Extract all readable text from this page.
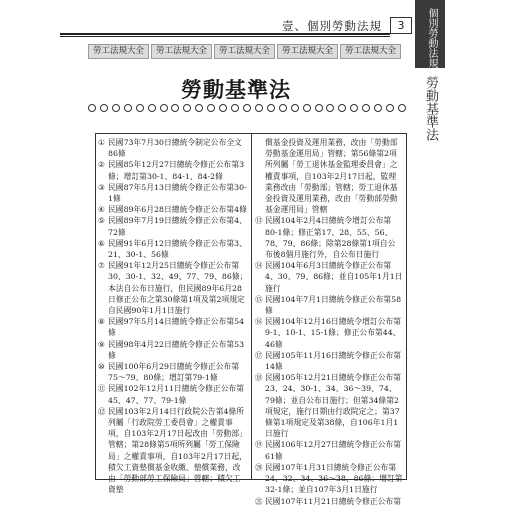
壹、個別勞動法規	3	個別勞動法規
勞動基準法
勞工法規大全	勞工法規大全	勞工法規大全	勞工法規大全	勞工法規大全
勞動基準法
① 民國73年7月30日總統令制定公布全文86條
② 民國85年12月27日總統令修正公布第3條；增訂第30-1、84-1、84-2條
③ 民國87年5月13日總統令修正公布第30-1條
④ 民國89年6月28日總統令修正公布第4條
⑤ 民國89年7月19日總統令修正公布第4、72條
⑥ 民國91年6月12日總統令修正公布第3、21、30-1、56條
⑦ 民國91年12月25日總統令修正公布第30、30-1、32、49、77、79、86條；本法自公布日施行，但民國89年6月28日修正公布之第30條第1項及第2項規定自民國90年1月1日施行
⑧ 民國97年5月14日總統令修正公布第54條
⑨ 民國98年4月22日總統令修正公布第53條
⑩ 民國100年6月29日總統令修正公布第75～79、80條；增訂第79-1條
⑪ 民國102年12月11日總統令修正公布第45、47、77、79-1條
⑫ 民國103年2月14日行政院公告第4條所列屬「行政院勞工委員會」之權責事項，自103年2月17日起改由「勞動部」管轄；第28條第5項所列屬「勞工保險局」之權責事項，自103年2月17日起，積欠工資墊償基金收繳、墊償業務，改由「勞動部勞工保險局」管轄；積欠工資墊
償基金投資及運用業務，改由「勞動部勞動基金運用局」管轄；第56條第2項所列屬「勞工退休基金監理委員會」之權責事項，自103年2月17日起，監理業務改由「勞動部」管轄；勞工退休基金投資及運用業務，改由「勞動部勞動基金運用局」管轄
⑬ 民國104年2月4日總統令增訂公布第80-1條；修正第17、28、55、56、78、79、86條；除第28條第1項自公布後8個月施行外，自公布日施行
⑭ 民國104年6月3日總統令修正公布第4、30、79、86條；並自105年1月1日施行
⑮ 民國104年7月1日總統令修正公布第58條
⑯ 民國104年12月16日總統令增訂公布第9-1、10-1、15-1條；修正公布第44、46條
⑰ 民國105年11月16日總統令修正公布第14條
⑱ 民國105年12月21日總統令修正公布第23、24、30-1、34、36～39、74、79條；並自公布日施行；但第34條第2項規定，施行日期由行政院定之；第37條第1項規定及第38條，自106年1月1日施行
⑲ 民國106年12月27日總統令修正公布第61條
⑳ 民國107年1月31日總統令修正公布第24、32、34、36～38、86條；增訂第32-1條；並自107年3月1日施行
㉑ 民國107年11月21日總統令修正公布第
